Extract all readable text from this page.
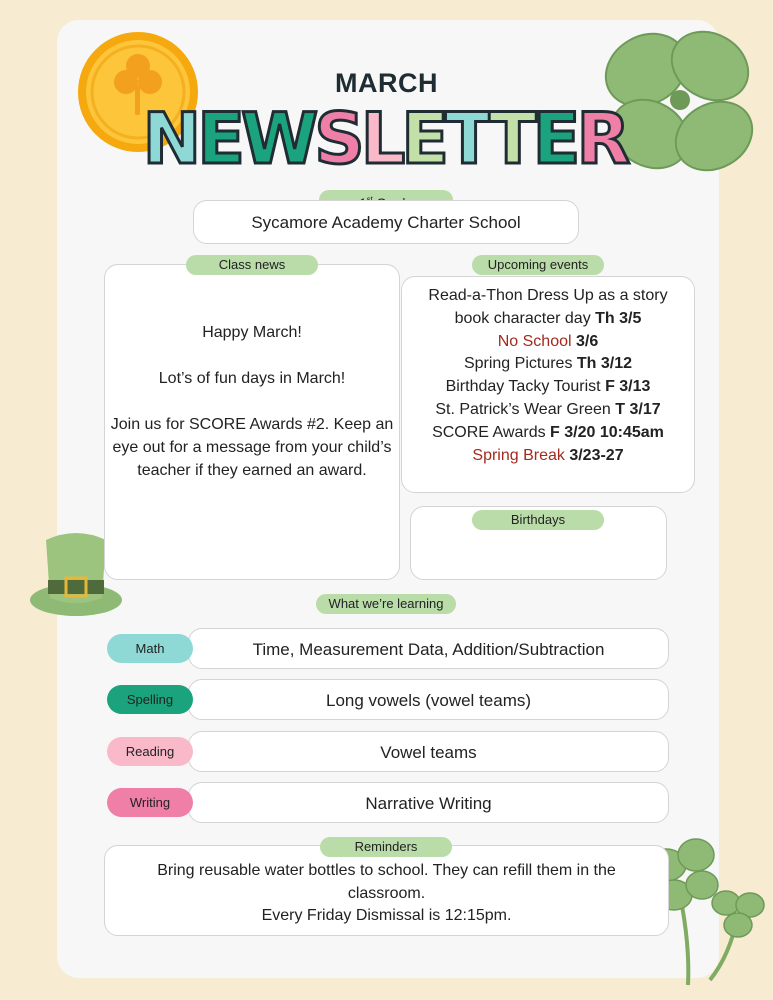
MARCH
NEWSLETTER
Sycamore Academy Charter School

Happy March!

Lot’s of fun days in March!

Join us for SCORE Awards #2. Keep an eye out for a message from your child’s teacher if they earned an award.

Class news
Read-a-Thon Dress Up as a story
book character day Th 3/5
No School 3/6
Spring Pictures Th 3/12
Birthday Tacky Tourist F 3/13
St. Patrick’s Wear Green T 3/17
SCORE Awards F 3/20 10:45am
Spring Break 3/23-27
Upcoming events
Birthdays
What we’re learning
Time, Measurement Data, Addition/Subtraction
Math
Long vowels (vowel teams)
Spelling
Vowel teams
Reading
Narrative Writing
Writing
Bring reusable water bottles to school. They can refill them in the
classroom.
Every Friday Dismissal is 12:15pm.
Reminders
